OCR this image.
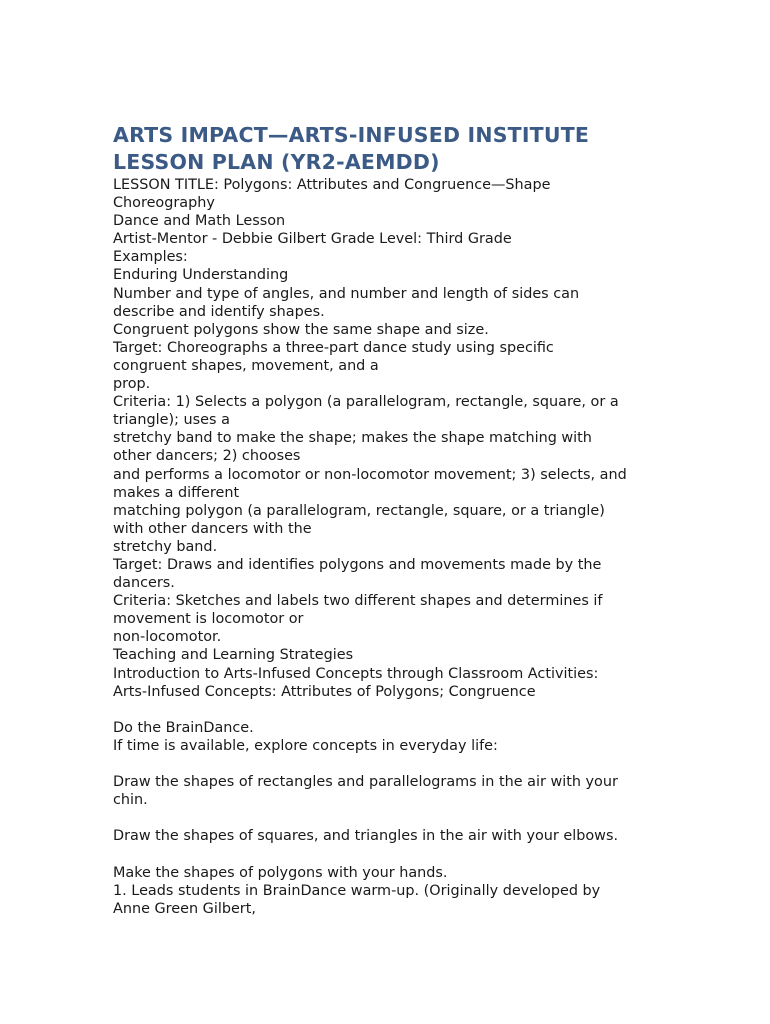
ARTS IMPACT—ARTS-INFUSED INSTITUTE
LESSON PLAN (YR2-AEMDD)
LESSON TITLE: Polygons: Attributes and Congruence—Shape
Choreography
Dance and Math Lesson
Artist-Mentor - Debbie Gilbert Grade Level: Third Grade
Examples:
Enduring Understanding
Number and type of angles, and number and length of sides can
describe and identify shapes.
Congruent polygons show the same shape and size.
Target: Choreographs a three-part dance study using specific
congruent shapes, movement, and a
prop.
Criteria: 1) Selects a polygon (a parallelogram, rectangle, square, or a
triangle); uses a
stretchy band to make the shape; makes the shape matching with
other dancers; 2) chooses
and performs a locomotor or non-locomotor movement; 3) selects, and
makes a different
matching polygon (a parallelogram, rectangle, square, or a triangle)
with other dancers with the
stretchy band.
Target: Draws and identifies polygons and movements made by the
dancers.
Criteria: Sketches and labels two different shapes and determines if
movement is locomotor or
non-locomotor.
Teaching and Learning Strategies
Introduction to Arts-Infused Concepts through Classroom Activities:
Arts-Infused Concepts: Attributes of Polygons; Congruence
Do the BrainDance.
If time is available, explore concepts in everyday life:
Draw the shapes of rectangles and parallelograms in the air with your
chin.
Draw the shapes of squares, and triangles in the air with your elbows.
Make the shapes of polygons with your hands.
1. Leads students in BrainDance warm-up. (Originally developed by
Anne Green Gilbert,
